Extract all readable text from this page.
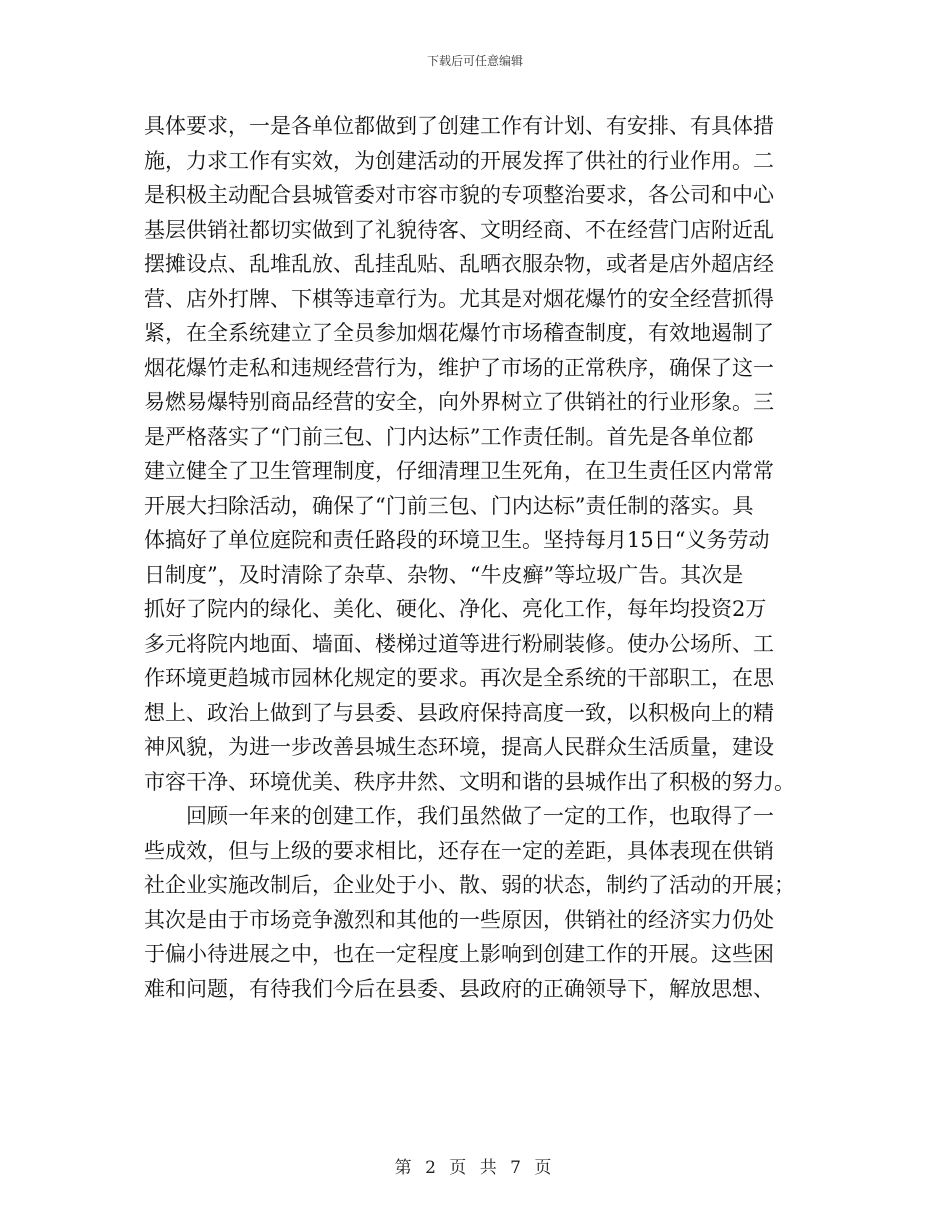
下载后可任意编辑
具体要求，一是各单位都做到了创建工作有计划、有安排、有具体措
施，力求工作有实效，为创建活动的开展发挥了供社的行业作用。二
是积极主动配合县城管委对市容市貌的专项整治要求，各公司和中心
基层供销社都切实做到了礼貌待客、文明经商、不在经营门店附近乱
摆摊设点、乱堆乱放、乱挂乱贴、乱晒衣服杂物，或者是店外超店经
营、店外打牌、下棋等违章行为。尤其是对烟花爆竹的安全经营抓得
紧，在全系统建立了全员参加烟花爆竹市场稽查制度，有效地遏制了
烟花爆竹走私和违规经营行为，维护了市场的正常秩序，确保了这一
易燃易爆特别商品经营的安全，向外界树立了供销社的行业形象。三
是严格落实了“门前三包、门内达标”工作责任制。首先是各单位都
建立健全了卫生管理制度，仔细清理卫生死角，在卫生责任区内常常
开展大扫除活动，确保了“门前三包、门内达标”责任制的落实。具
体搞好了单位庭院和责任路段的环境卫生。坚持每月15日“义务劳动
日制度”，及时清除了杂草、杂物、“牛皮癣”等垃圾广告。其次是
抓好了院内的绿化、美化、硬化、净化、亮化工作，每年均投资2万
多元将院内地面、墙面、楼梯过道等进行粉刷装修。使办公场所、工
作环境更趋城市园林化规定的要求。再次是全系统的干部职工，在思
想上、政治上做到了与县委、县政府保持高度一致，以积极向上的精
神风貌，为进一步改善县城生态环境，提高人民群众生活质量，建设
市容干净、环境优美、秩序井然、文明和谐的县城作出了积极的努力。
　　回顾一年来的创建工作，我们虽然做了一定的工作，也取得了一
些成效，但与上级的要求相比，还存在一定的差距，具体表现在供销
社企业实施改制后，企业处于小、散、弱的状态，制约了活动的开展；
其次是由于市场竞争激烈和其他的一些原因，供销社的经济实力仍处
于偏小待进展之中，也在一定程度上影响到创建工作的开展。这些困
难和问题，有待我们今后在县委、县政府的正确领导下，解放思想、
第 2 页 共 7 页
